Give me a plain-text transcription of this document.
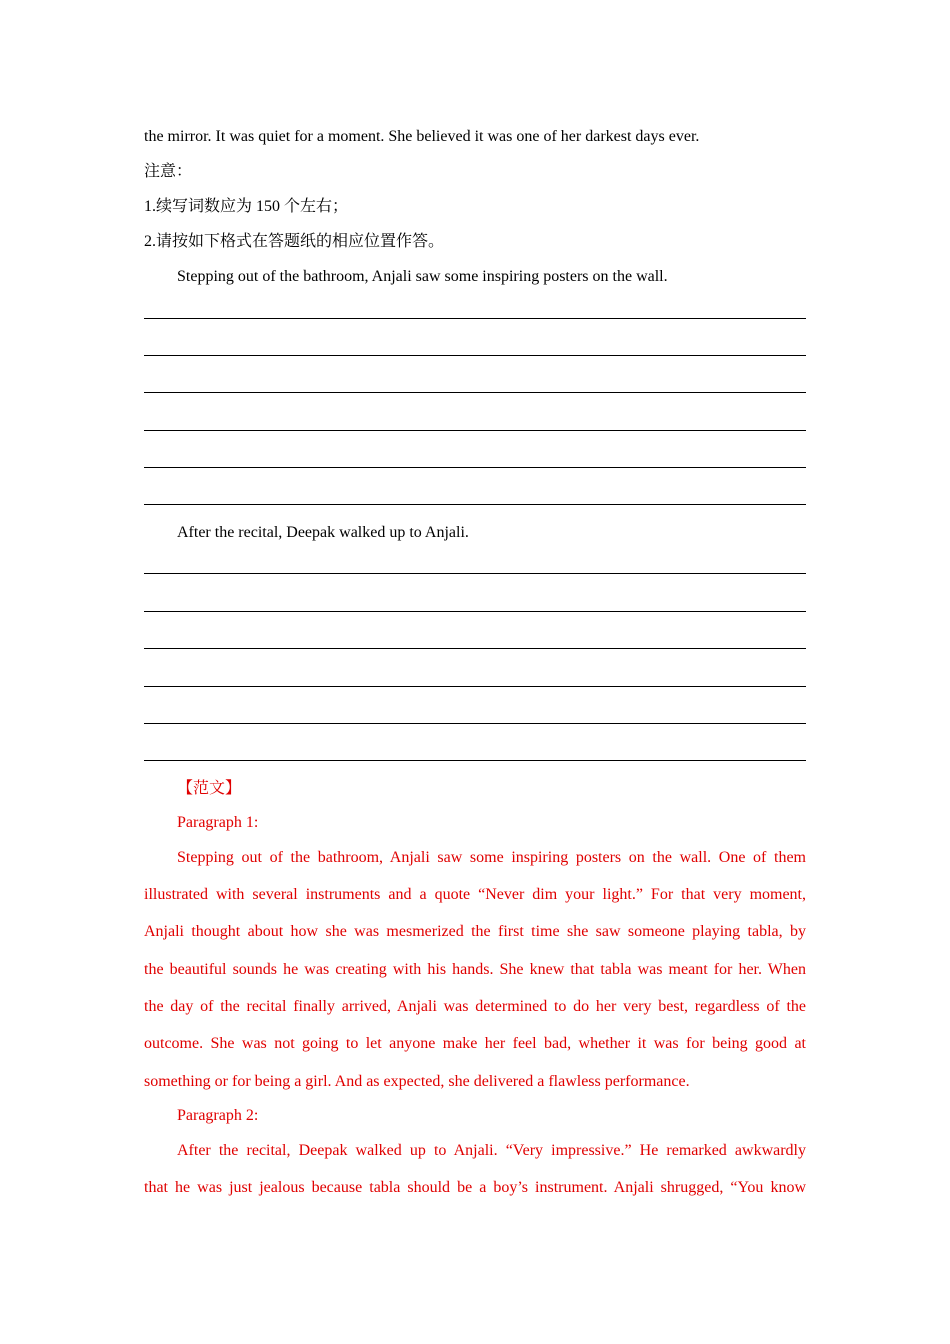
the mirror. It was quiet for a moment. She believed it was one of her darkest days ever.
注意：
1.续写词数应为 150 个左右；
2.请按如下格式在答题纸的相应位置作答。
Stepping out of the bathroom, Anjali saw some inspiring posters on the wall.
After the recital, Deepak walked up to Anjali.
【范文】
Paragraph 1:
Stepping out of the bathroom, Anjali saw some inspiring posters on the wall. One of them
illustrated with several instruments and a quote “Never dim your light.” For that very moment,
Anjali thought about how she was mesmerized the first time she saw someone playing tabla, by
the beautiful sounds he was creating with his hands. She knew that tabla was meant for her. When
the day of the recital finally arrived, Anjali was determined to do her very best, regardless of the
outcome. She was not going to let anyone make her feel bad, whether it was for being good at
something or for being a girl. And as expected, she delivered a flawless performance.
Paragraph 2:
After the recital, Deepak walked up to Anjali. “Very impressive.” He remarked awkwardly
that he was just jealous because tabla should be a boy’s instrument. Anjali shrugged, “You know
